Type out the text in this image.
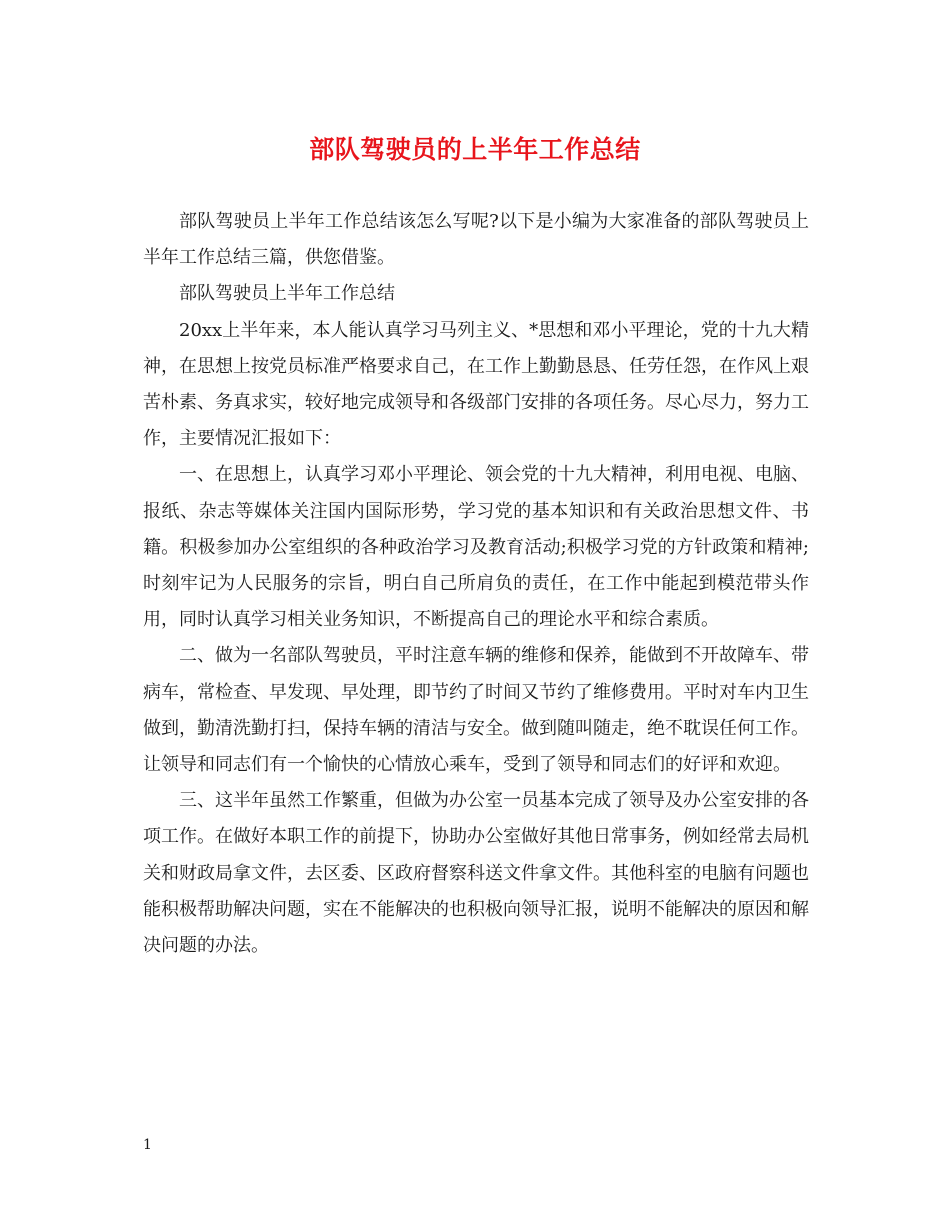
部队驾驶员的上半年工作总结

部队驾驶员上半年工作总结该怎么写呢?以下是小编为大家准备的部队驾驶员上半年工作总结三篇，供您借鉴。

部队驾驶员上半年工作总结

20xx上半年来，本人能认真学习马列主义、*思想和邓小平理论，党的十九大精神，在思想上按党员标准严格要求自己，在工作上勤勤恳恳、任劳任怨，在作风上艰苦朴素、务真求实，较好地完成领导和各级部门安排的各项任务。尽心尽力，努力工作，主要情况汇报如下：

一、在思想上，认真学习邓小平理论、领会党的十九大精神，利用电视、电脑、报纸、杂志等媒体关注国内国际形势，学习党的基本知识和有关政治思想文件、书籍。积极参加办公室组织的各种政治学习及教育活动;积极学习党的方针政策和精神;时刻牢记为人民服务的宗旨，明白自己所肩负的责任，在工作中能起到模范带头作用，同时认真学习相关业务知识，不断提高自己的理论水平和综合素质。

二、做为一名部队驾驶员，平时注意车辆的维修和保养，能做到不开故障车、带病车，常检查、早发现、早处理，即节约了时间又节约了维修费用。平时对车内卫生做到，勤清洗勤打扫，保持车辆的清洁与安全。做到随叫随走，绝不耽误任何工作。让领导和同志们有一个愉快的心情放心乘车，受到了领导和同志们的好评和欢迎。

三、这半年虽然工作繁重，但做为办公室一员基本完成了领导及办公室安排的各项工作。在做好本职工作的前提下，协助办公室做好其他日常事务，例如经常去局机关和财政局拿文件，去区委、区政府督察科送文件拿文件。其他科室的电脑有问题也能积极帮助解决问题，实在不能解决的也积极向领导汇报，说明不能解决的原因和解决问题的办法。

1
